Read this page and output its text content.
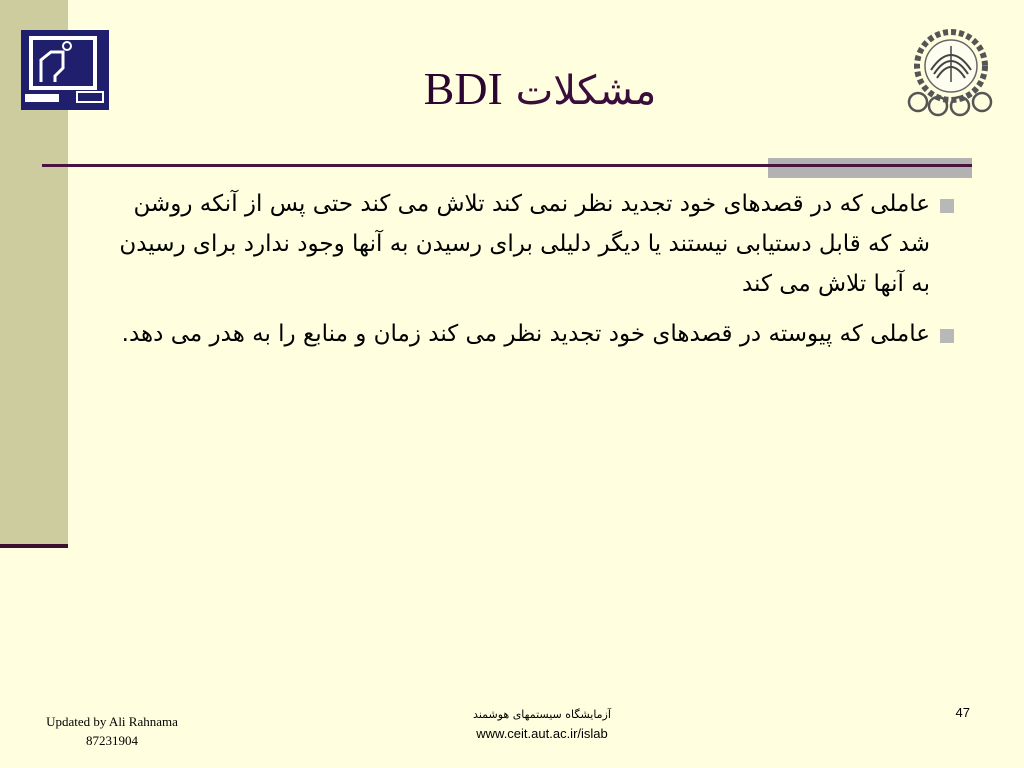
مشکلات BDI
عاملی که در قصدهای خود تجدید نظر نمی کند تلاش می کند حتی پس از آنکه روشن شد که قابل دستیابی نیستند یا دیگر دلیلی برای رسیدن به آنها وجود ندارد برای رسیدن به آنها تلاش می کند
عاملی که پیوسته در قصدهای خود تجدید نظر می کند زمان و منابع را به هدر می دهد.
Updated by Ali Rahnama
87231904
آزمایشگاه سیستمهای هوشمند
www.ceit.aut.ac.ir/islab
47
